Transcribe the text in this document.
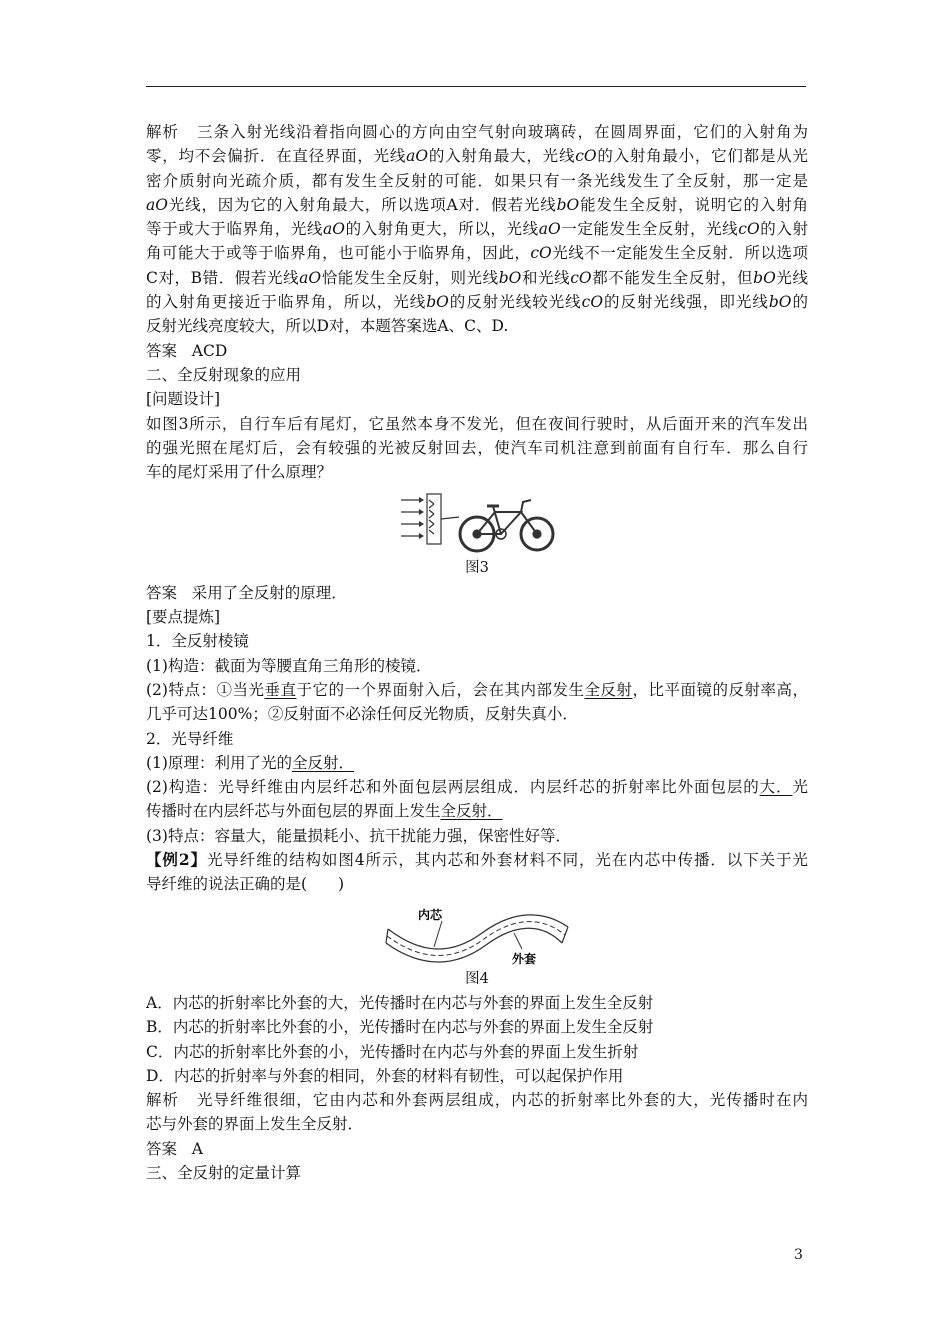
解析 三条入射光线沿着指向圆心的方向由空气射向玻璃砖，在圆周界面，它们的入射角为

零，均不会偏折．在直径界面，光线aO的入射角最大，光线cO的入射角最小，它们都是从光

密介质射向光疏介质，都有发生全反射的可能．如果只有一条光线发生了全反射，那一定是

aO光线，因为它的入射角最大，所以选项A对．假若光线bO能发生全反射，说明它的入射角

等于或大于临界角，光线aO的入射角更大，所以，光线aO一定能发生全反射，光线cO的入射

角可能大于或等于临界角，也可能小于临界角，因此，cO光线不一定能发生全反射．所以选项

C对，B错．假若光线aO恰能发生全反射，则光线bO和光线cO都不能发生全反射，但bO光线

的入射角更接近于临界角，所以，光线bO的反射光线较光线cO的反射光线强，即光线bO的

反射光线亮度较大，所以D对，本题答案选A、C、D.

答案 ACD

二、全反射现象的应用

[问题设计]

如图3所示，自行车后有尾灯，它虽然本身不发光，但在夜间行驶时，从后面开来的汽车发出

的强光照在尾灯后，会有较强的光被反射回去，使汽车司机注意到前面有自行车．那么自行

车的尾灯采用了什么原理？

图3

答案 采用了全反射的原理．

[要点提炼]

1．全反射棱镜

(1)构造：截面为等腰直角三角形的棱镜．

(2)特点：①当光垂直于它的一个界面射入后，会在其内部发生全反射，比平面镜的反射率高，

几乎可达100%；②反射面不必涂任何反光物质，反射失真小．

2．光导纤维

(1)原理：利用了光的全反射．

(2)构造：光导纤维由内层纤芯和外面包层两层组成．内层纤芯的折射率比外面包层的大．光

传播时在内层纤芯与外面包层的界面上发生全反射．

(3)特点：容量大，能量损耗小、抗干扰能力强，保密性好等．

【例2】光导纤维的结构如图4所示，其内芯和外套材料不同，光在内芯中传播．以下关于光

导纤维的说法正确的是(　　)

内芯
外套

图4

A．内芯的折射率比外套的大，光传播时在内芯与外套的界面上发生全反射

B．内芯的折射率比外套的小，光传播时在内芯与外套的界面上发生全反射

C．内芯的折射率比外套的小，光传播时在内芯与外套的界面上发生折射

D．内芯的折射率与外套的相同，外套的材料有韧性，可以起保护作用

解析 光导纤维很细，它由内芯和外套两层组成，内芯的折射率比外套的大，光传播时在内

芯与外套的界面上发生全反射．

答案 A

三、全反射的定量计算

3
